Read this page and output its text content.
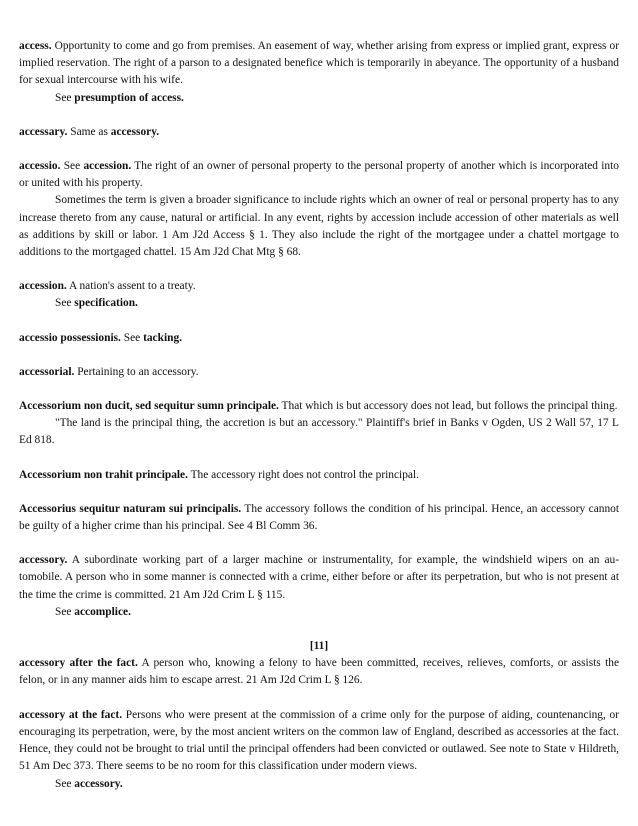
access. Opportunity to come and go from premises. An easement of way, whether arising from express or implied grant, express or implied reservation. The right of a parson to a designated benefice which is temporarily in abeyance. The opportunity of a husband for sexual intercourse with his wife.

See presumption of access.

accessary. Same as accessory.

accessio. See accession. The right of an owner of personal property to the personal property of another which is incorporated into or united with his property.

Sometimes the term is given a broader significance to include rights which an owner of real or personal property has to any increase thereto from any cause, natural or artificial. In any event, rights by accession include accession of other materials as well as additions by skill or labor. 1 Am J2d Access § 1. They also include the right of the mortgagee under a chattel mortgage to additions to the mortgaged chattel. 15 Am J2d Chat Mtg § 68.

accession. A nation's assent to a treaty.

See specification.

accessio possessionis. See tacking.

accessorial. Pertaining to an accessory.

Accessorium non ducit, sed sequitur sumn principale. That which is but accessory does not lead, but follows the principal thing.

"The land is the principal thing, the accretion is but an accessory." Plaintiff's brief in Banks v Ogden, US 2 Wall 57, 17 L Ed 818.

Accessorium non trahit principale. The accessory right does not control the principal.

Accessorius sequitur naturam sui principalis. The accessory follows the condition of his principal. Hence, an accessory cannot be guilty of a higher crime than his principal. See 4 Bl Comm 36.

accessory. A subordinate working part of a larger machine or instrumentality, for example, the windshield wipers on an au-tomobile. A person who in some manner is connected with a crime, either before or after its perpetration, but who is not present at the time the crime is committed. 21 Am J2d Crim L § 115.

See accomplice.

[11]

accessory after the fact. A person who, knowing a felony to have been committed, receives, relieves, comforts, or assists the felon, or in any manner aids him to escape arrest. 21 Am J2d Crim L § 126.

accessory at the fact. Persons who were present at the commission of a crime only for the purpose of aiding, countenancing, or encouraging its perpetration, were, by the most ancient writers on the common law of England, described as accessories at the fact. Hence, they could not be brought to trial until the principal offenders had been convicted or outlawed. See note to State v Hildreth, 51 Am Dec 373. There seems to be no room for this classification under modern views.

See accessory.
